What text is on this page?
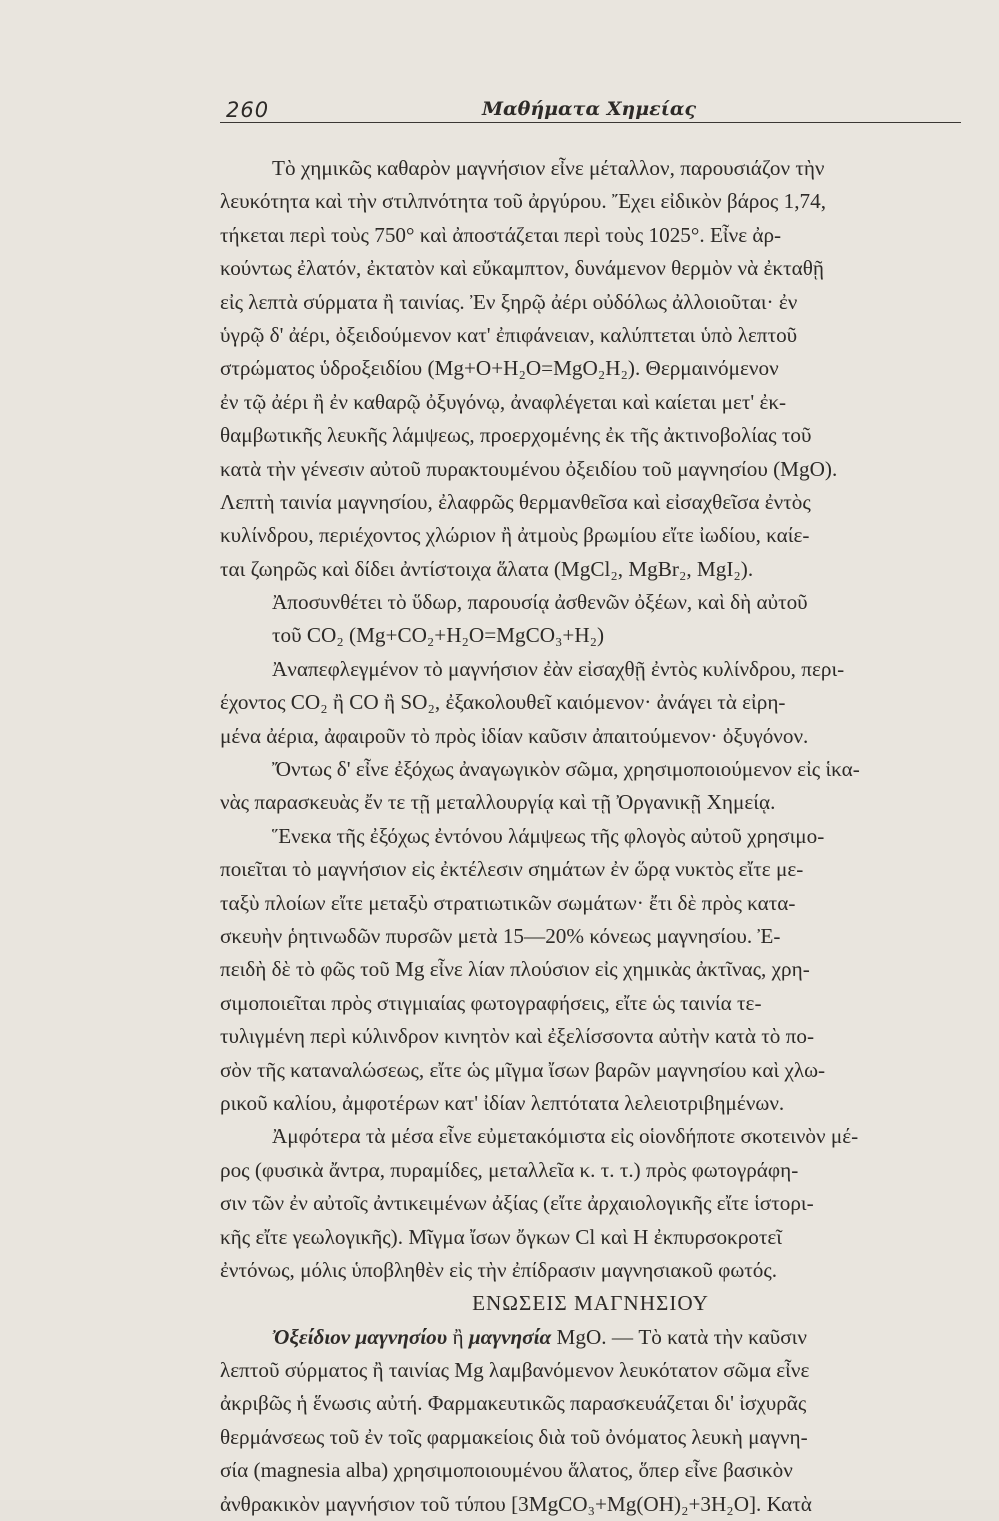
260	Μαθήματα Χημείας
Τὸ χημικῶς καθαρὸν μαγνήσιον εἶνε μέταλλον, παρουσιάζον τὴν
λευκότητα καὶ τὴν στιλπνότητα τοῦ ἀργύρου. Ἔχει εἰδικὸν βάρος 1,74,
τήκεται περὶ τοὺς 750° καὶ ἀποστάζεται περὶ τοὺς 1025°. Εἶνε ἀρ-
κούντως ἐλατόν, ἐκτατὸν καὶ εὔκαμπτον, δυνάμενον θερμὸν νὰ ἐκταθῇ
εἰς λεπτὰ σύρματα ἢ ταινίας. Ἐν ξηρῷ ἀέρι οὐδόλως ἀλλοιοῦται· ἐν
ὑγρῷ δ' ἀέρι, ὀξειδούμενον κατ' ἐπιφάνειαν, καλύπτεται ὑπὸ λεπτοῦ
στρώματος ὑδροξειδίου (Mg+O+H₂O=MgO₂H₂). Θερμαινόμενον
ἐν τῷ ἀέρι ἢ ἐν καθαρῷ ὀξυγόνῳ, ἀναφλέγεται καὶ καίεται μετ' ἐκ-
θαμβωτικῆς λευκῆς λάμψεως, προερχομένης ἐκ τῆς ἀκτινοβολίας τοῦ
κατὰ τὴν γένεσιν αὐτοῦ πυρακτουμένου ὀξειδίου τοῦ μαγνησίου (MgO).
Λεπτὴ ταινία μαγνησίου, ἐλαφρῶς θερμανθεῖσα καὶ εἰσαχθεῖσα ἐντὸς
κυλίνδρου, περιέχοντος χλώριον ἢ ἀτμοὺς βρωμίου εἴτε ἰωδίου, καίε-
ται ζωηρῶς καὶ δίδει ἀντίστοιχα ἅλατα (MgCl₂, MgBr₂, MgI₂).
Ἀποσυνθέτει τὸ ὕδωρ, παρουσίᾳ ἀσθενῶν ὀξέων, καὶ δὴ αὐτοῦ
τοῦ CO₂ (Mg+CO₂+H₂O=MgCO₃+H₂)
Ἀναπεφλεγμένον τὸ μαγνήσιον ἐὰν εἰσαχθῇ ἐντὸς κυλίνδρου, περι-
έχοντος CO₂ ἢ CO ἢ SO₂, ἐξακολουθεῖ καιόμενον· ἀνάγει τὰ εἰρη-
μένα ἀέρια, ἀφαιροῦν τὸ πρὸς ἰδίαν καῦσιν ἀπαιτούμενον· ὀξυγόνον.
Ὄντως δ' εἶνε ἐξόχως ἀναγωγικὸν σῶμα, χρησιμοποιούμενον εἰς ἱκα-
νὰς παρασκευὰς ἔν τε τῇ μεταλλουργίᾳ καὶ τῇ Ὀργανικῇ Χημείᾳ.
Ἕνεκα τῆς ἐξόχως ἐντόνου λάμψεως τῆς φλογὸς αὐτοῦ χρησιμο-
ποιεῖται τὸ μαγνήσιον εἰς ἐκτέλεσιν σημάτων ἐν ὥρᾳ νυκτὸς εἴτε με-
ταξὺ πλοίων εἴτε μεταξὺ στρατιωτικῶν σωμάτων· ἔτι δὲ πρὸς κατα-
σκευὴν ῥητινωδῶν πυρσῶν μετὰ 15—20% κόνεως μαγνησίου. Ἐ-
πειδὴ δὲ τὸ φῶς τοῦ Mg εἶνε λίαν πλούσιον εἰς χημικὰς ἀκτῖνας, χρη-
σιμοποιεῖται πρὸς στιγμιαίας φωτογραφήσεις, εἴτε ὡς ταινία τε-
τυλιγμένη περὶ κύλινδρον κινητὸν καὶ ἐξελίσσοντα αὐτὴν κατὰ τὸ πο-
σὸν τῆς καταναλώσεως, εἴτε ὡς μῖγμα ἴσων βαρῶν μαγνησίου καὶ χλω-
ρικοῦ καλίου, ἀμφοτέρων κατ' ἰδίαν λεπτότατα λελειοτριβημένων.
Ἀμφότερα τὰ μέσα εἶνε εὐμετακόμιστα εἰς οἱονδήποτε σκοτεινὸν μέ-
ρος (φυσικὰ ἄντρα, πυραμίδες, μεταλλεῖα κ. τ. τ.) πρὸς φωτογράφη-
σιν τῶν ἐν αὐτοῖς ἀντικειμένων ἀξίας (εἴτε ἀρχαιολογικῆς εἴτε ἱστορι-
κῆς εἴτε γεωλογικῆς). Μῖγμα ἴσων ὄγκων Cl καὶ H ἐκπυρσοκροτεῖ
ἐντόνως, μόλις ὑποβληθὲν εἰς τὴν ἐπίδρασιν μαγνησιακοῦ φωτός.
ΕΝΩΣΕΙΣ ΜΑΓΝΗΣΙΟΥ
Ὀξείδιον μαγνησίου ἢ μαγνησία MgO. — Τὸ κατὰ τὴν καῦσιν
λεπτοῦ σύρματος ἢ ταινίας Mg λαμβανόμενον λευκότατον σῶμα εἶνε
ἀκριβῶς ἡ ἕνωσις αὐτή. Φαρμακευτικῶς παρασκευάζεται δι' ἰσχυρᾶς
θερμάνσεως τοῦ ἐν τοῖς φαρμακείοις διὰ τοῦ ὀνόματος λευκὴ μαγνη-
σία (magnesia alba) χρησιμοποιουμένου ἅλατος, ὅπερ εἶνε βασικὸν
ἀνθρακικὸν μαγνήσιον τοῦ τύπου [3MgCO₃+Mg(OH)₂+3H₂O]. Κατὰ
